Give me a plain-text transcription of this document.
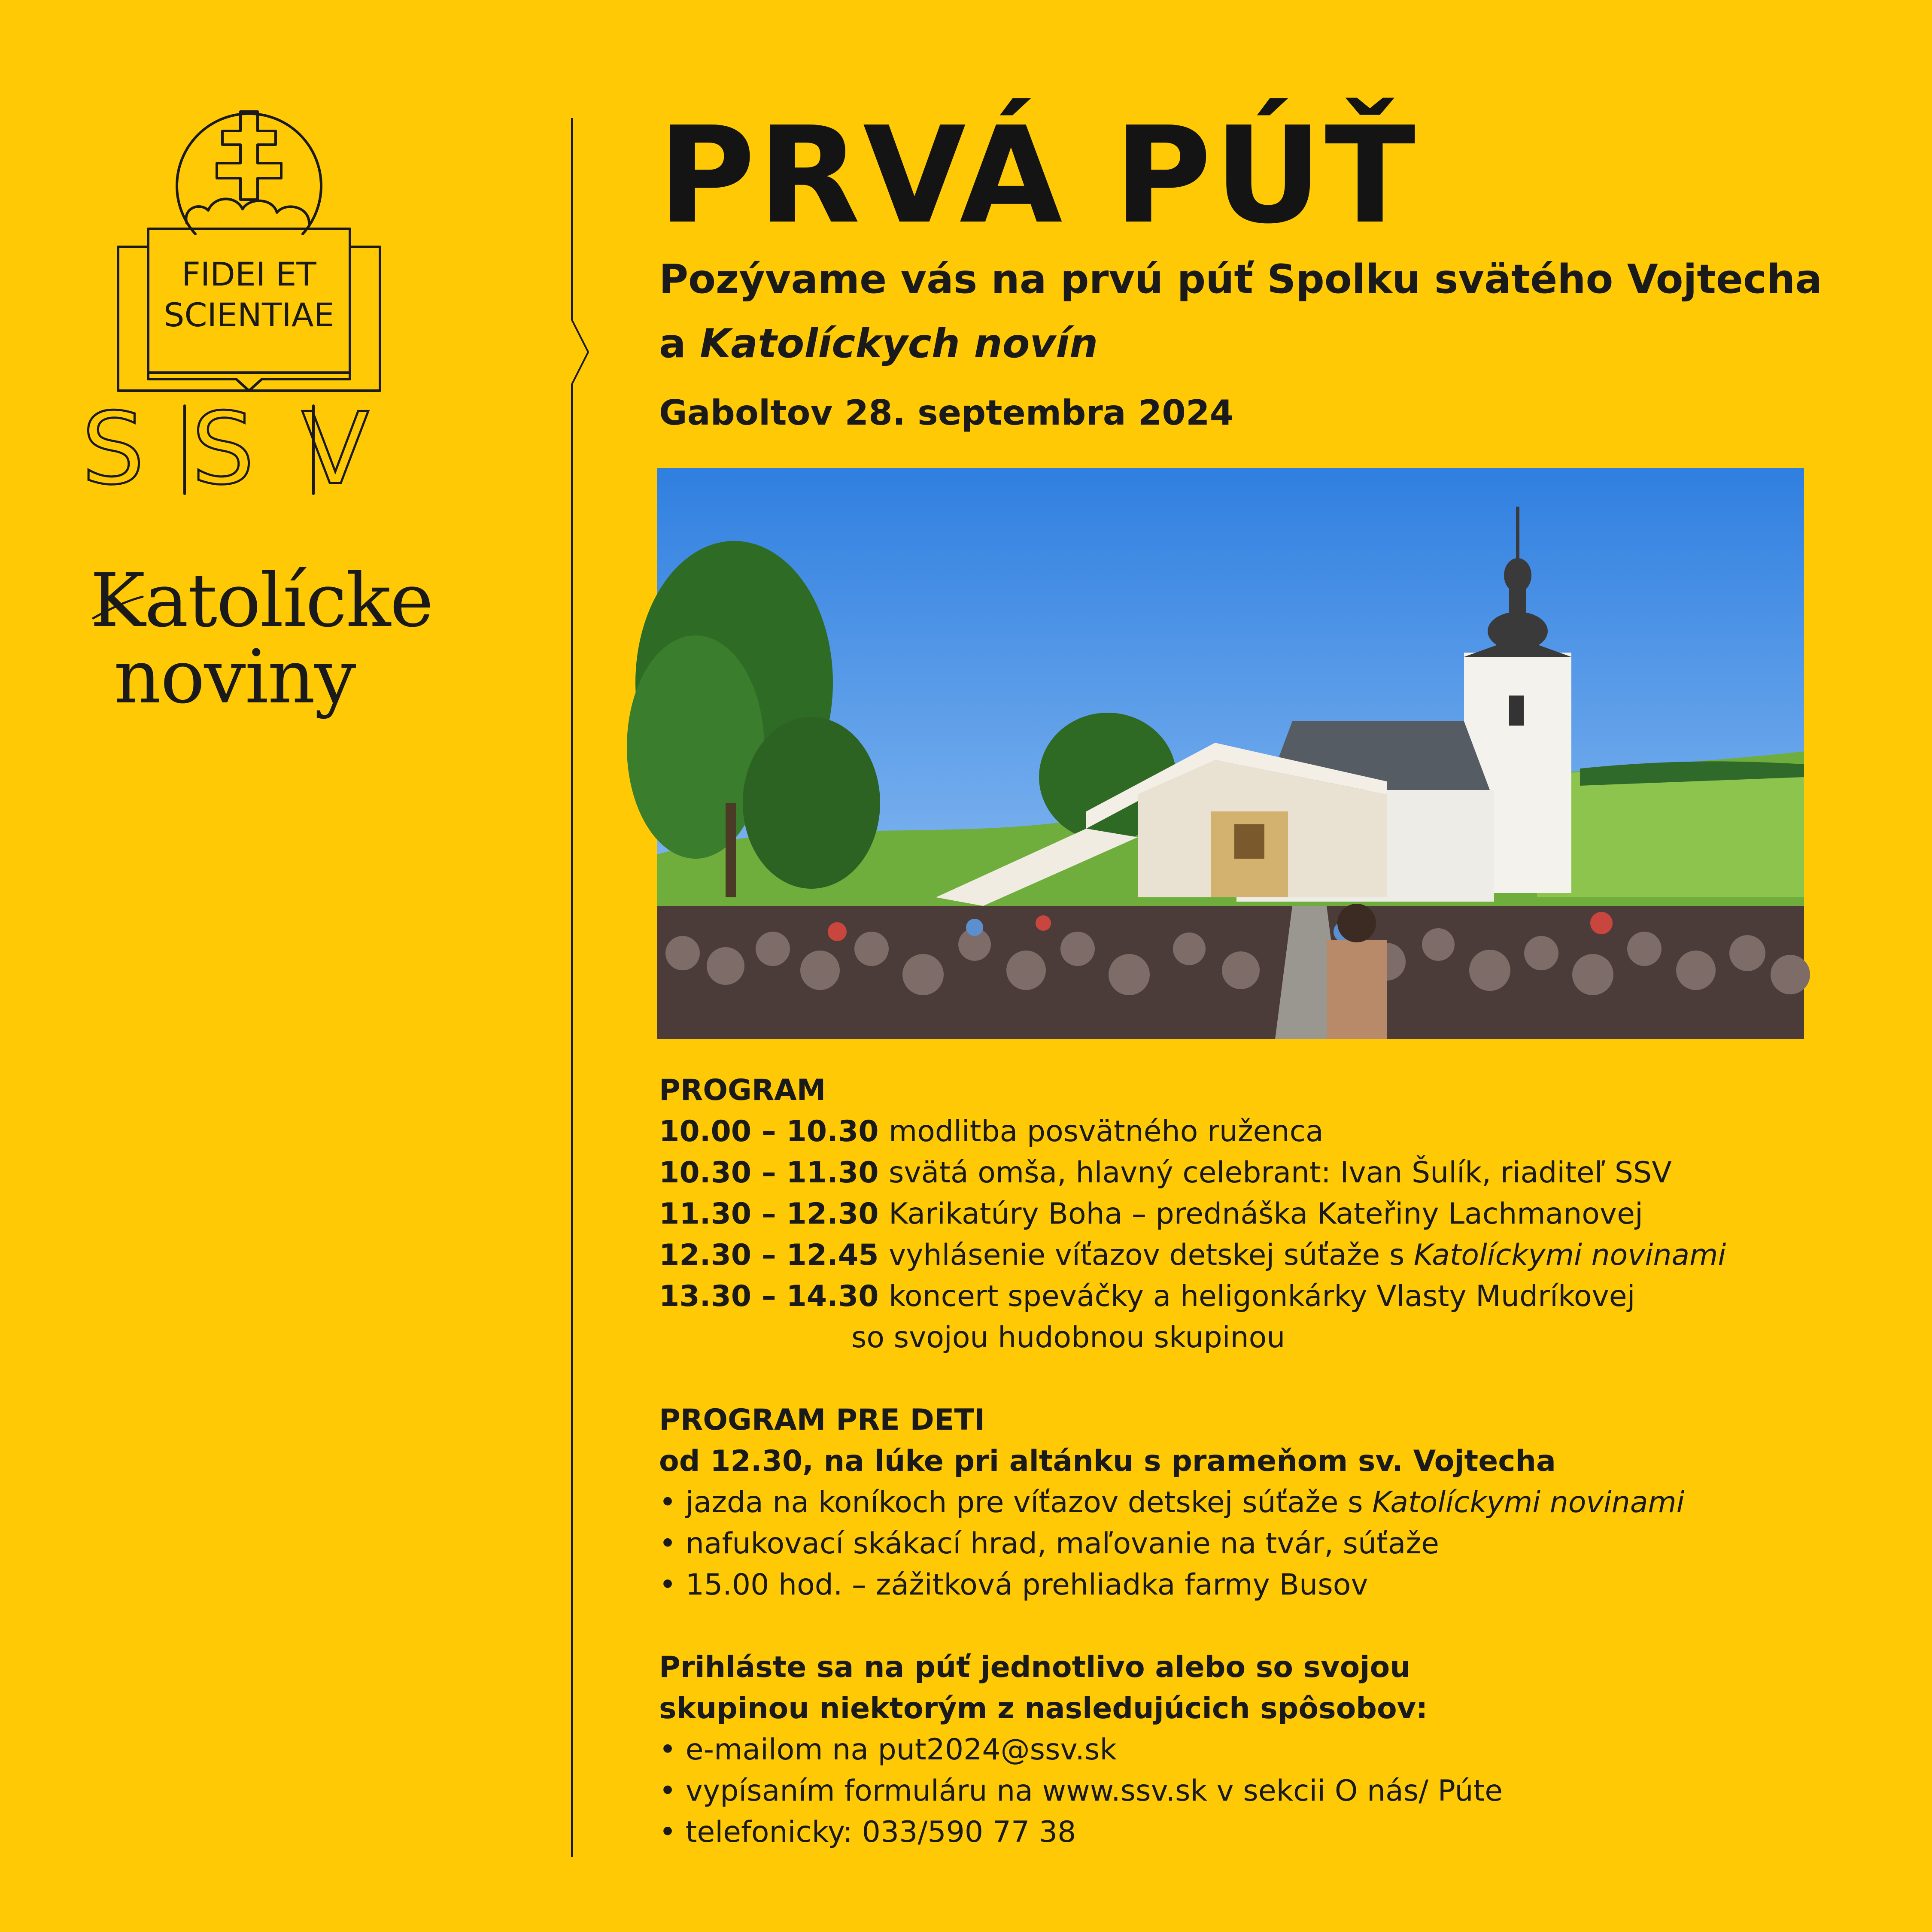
FIDEI ET
SCIENTIAE
SSV
Katolícke
noviny
PRVÁ PÚŤ
Pozývame vás na prvú púť Spolku svätého Vojtecha
a Katolíckych novín
Gaboltov 28. septembra 2024
PROGRAM
10.00 – 10.30 modlitba posvätného ruženca
10.30 – 11.30 svätá omša, hlavný celebrant: Ivan Šulík, riaditeľ SSV
11.30 – 12.30 Karikatúry Boha – prednáška Kateřiny Lachmanovej
12.30 – 12.45 vyhlásenie víťazov detskej súťaže s Katolíckymi novinami
13.30 – 14.30 koncert speváčky a heligonkárky Vlasty Mudríkovej
so svojou hudobnou skupinou
PROGRAM PRE DETI
od 12.30, na lúke pri altánku s prameňom sv. Vojtecha
• jazda na koníkoch pre víťazov detskej súťaže s Katolíckymi novinami
• nafukovací skákací hrad, maľovanie na tvár, súťaže
• 15.00 hod. – zážitková prehliadka farmy Busov
Prihláste sa na púť jednotlivo alebo so svojou
skupinou niektorým z nasledujúcich spôsobov:
• e-mailom na put2024@ssv.sk
• vypísaním formuláru na www.ssv.sk v sekcii O nás/ Púte
• telefonicky: 033/590 77 38
